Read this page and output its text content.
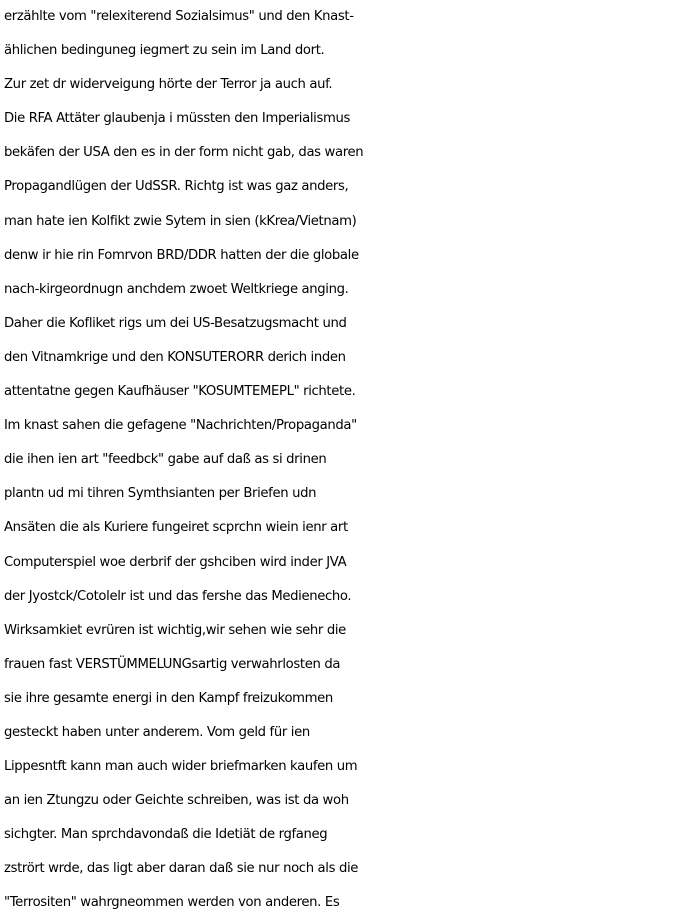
erzählte vom "relexiterend Sozialsimus" und den Knast-
ählichen bedinguneg iegmert zu sein im Land dort.
Zur zet dr widerveigung hörte der Terror ja auch auf.
Die RFA Attäter glaubenja i müssten den Imperialismus
bekäfen der USA den es in der form nicht gab, das waren
Propagandlügen der UdSSR. Richtg ist was gaz anders,
man hate ien Kolfikt zwie Sytem in sien (kKrea/Vietnam)
denw ir hie rin Fomrvon BRD/DDR hatten der die globale
nach-kirgeordnugn anchdem zwoet Weltkriege anging.
Daher die Kofliket rigs um dei US-Besatzugsmacht und
den Vitnamkrige und den KONSUTERORR derich inden
attentatne gegen Kaufhäuser "KOSUMTEMEPL" richtete.
Im knast sahen die gefagene "Nachrichten/Propaganda"
die ihen ien art "feedbck" gabe auf daß as si drinen
plantn ud mi tihren Symthsianten per Briefen udn
Ansäten die als Kuriere fungeiret scprchn wiein ienr art
Computerspiel woe derbrif der gshciben wird inder JVA
der Jyostck/Cotolelr ist und das fershe das Medienecho.
Wirksamkiet evrüren ist wichtig,wir sehen wie sehr die
frauen fast VERSTÜMMELUNGsartig verwahrlosten da
sie ihre gesamte energi in den Kampf freizukommen
gesteckt haben unter anderem. Vom geld für ien
Lippesntft kann man auch wider briefmarken kaufen um
an ien Ztungzu oder Geichte schreiben, was ist da woh
sichgter. Man sprchdavondaß die Idetiät de rgfaneg
zstrört wrde, das ligt aber daran daß sie nur noch als die
"Terrositen" wahrgneommen werden von anderen. Es
